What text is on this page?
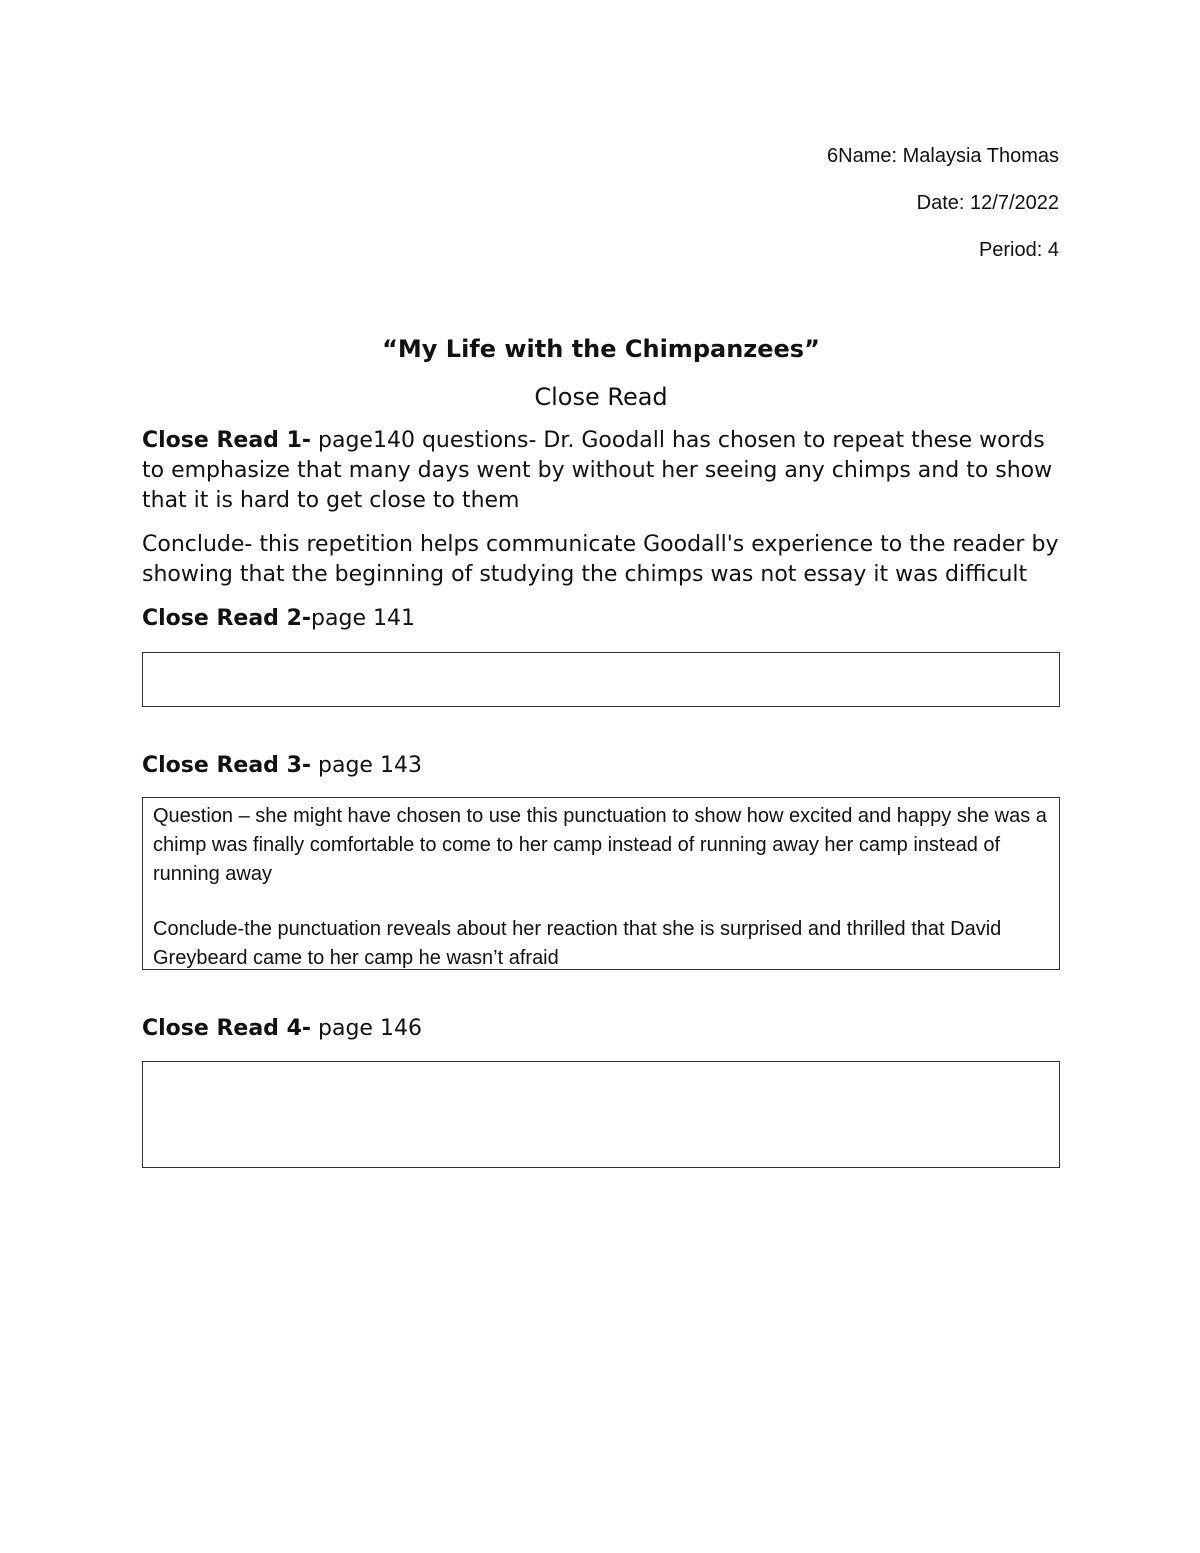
6Name: Malaysia Thomas
Date: 12/7/2022
Period: 4
“My Life with the Chimpanzees”
Close Read

Close Read 1- page140 questions- Dr. Goodall has chosen to repeat these words to emphasize that many days went by without her seeing any chimps and to show that it is hard to get close to them

Conclude- this repetition helps communicate Goodall's experience to the reader by showing that the beginning of studying the chimps was not essay it was difficult

Close Read 2-page 141

Close Read 3- page 143

Question – she might have chosen to use this punctuation to show how excited and happy she was a chimp was finally comfortable to come to her camp instead of running away her camp instead of running away

Conclude-the punctuation reveals about her reaction that she is surprised and thrilled that David Greybeard came to her camp he wasn’t afraid

Close Read 4- page 146
